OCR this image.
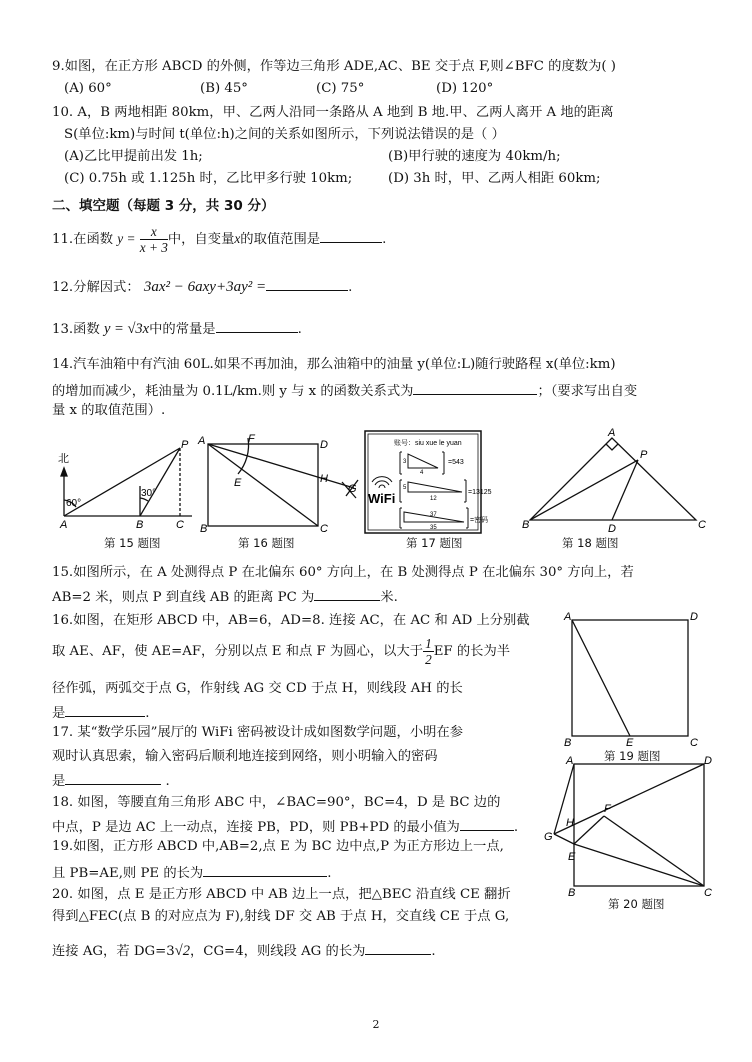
9.如图，在正方形 ABCD 的外侧，作等边三角形 ADE,AC、BE 交于点 F,则∠BFC 的度数为( )
(A) 60°	(B) 45°	(C) 75°	(D) 120°
10. A，B 两地相距 80km，甲、乙两人沿同一条路从 A 地到 B 地.甲、乙两人离开 A 地的距离
S(单位:km)与时间 t(单位:h)之间的关系如图所示，下列说法错误的是（ ）
(A)乙比甲提前出发 1h;	(B)甲行驶的速度为 40km/h;
(C) 0.75h 或 1.125h 时，乙比甲多行驶 10km;	(D) 3h 时，甲、乙两人相距 60km;
二、填空题（每题 3 分，共 30 分）
11.在函数 $y = \frac{x}{x + 3}$ 中，自变量x的取值范围是	.
12.分解因式： 3ax² − 6axy+3ay² =	.
13.函数 y = √3x中的常量是	.
14.汽车油箱中有汽油 60L.如果不再加油，那么油箱中的油量 y(单位:L)随行驶路程 x(单位:km)
的增加而减少，耗油量为 0.1L/km.则 y 与 x 的函数关系式为	；（要求写出自变
量 x 的取值范围）.
北
60°
30°
A	B	C
P
第 15 题图
A
B	C
D
E
F
G
H
第 16 题图
账号：siu xue le yuan
WiFi
=543
=13125
=密码
4
3
12
5
37
35
第 17 题图
A
B	C
D
P
第 18 题图
15.如图所示，在 A 处测得点 P 在北偏东 60° 方向上，在 B 处测得点 P 在北偏东 30° 方向上，若
AB=2 米，则点 P 到直线 AB 的距离 PC 为	米.
16.如图，在矩形 ABCD 中，AB=6，AD=8. 连接 AC，在 AC 和 AD 上分别截
取 AE、AF，使 AE=AF，分别以点 E 和点 F 为圆心，以大于 $\frac{1}{2}$ EF 的长为半
径作弧，两弧交于点 G，作射线 AG 交 CD 于点 H，则线段 AH 的长
是	.
17. 某“数学乐园”展厅的 WiFi 密码被设计成如图数学问题，小明在参
观时认真思索，输入密码后顺利地连接到网络，则小明输入的密码
是	.
18. 如图，等腰直角三角形 ABC 中，∠BAC=90°，BC=4，D 是 BC 边的
中点，P 是边 AC 上一动点，连接 PB，PD，则 PB+PD 的最小值为	.
19.如图，正方形 ABCD 中,AB=2,点 E 为 BC 边中点,P 为正方形边上一点,
且 PB=AE,则 PE 的长为	.
20. 如图，点 E 是正方形 ABCD 中 AB 边上一点，把△BEC 沿直线 CE 翻折
得到△FEC(点 B 的对应点为 F),射线 DF 交 AB 于点 H，交直线 CE 于点 G,
连接 AG，若 DG=3√2，CG=4，则线段 AG 的长为	.
A
B	C
D
E
第 19 题图
A
B	C
D
E
F
G
H
第 20 题图
2
